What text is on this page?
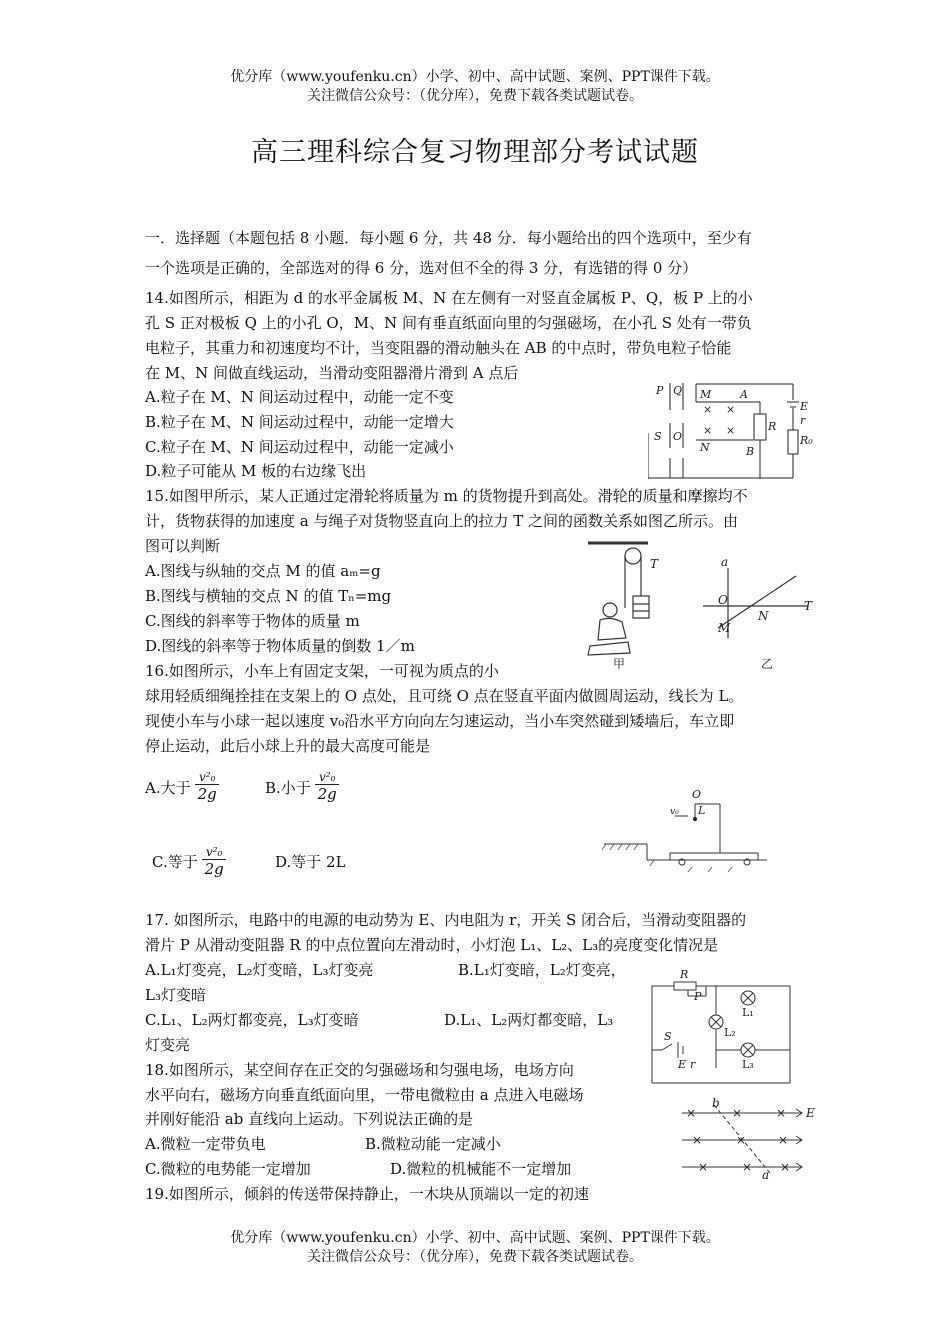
优分库（www.youfenku.cn）小学、初中、高中试题、案例、PPT课件下载。
关注微信公众号：（优分库），免费下载各类试题试卷。
高三理科综合复习物理部分考试试题
一．选择题（本题包括 8 小题．每小题 6 分，共 48 分．每小题给出的四个选项中，至少有
一个选项是正确的，全部选对的得 6 分，选对但不全的得 3 分，有选错的得 0 分）
14.如图所示，相距为 d 的水平金属板 M、N 在左侧有一对竖直金属板 P、Q，板 P 上的小
孔 S 正对极板 Q 上的小孔 O，M、N 间有垂直纸面向里的匀强磁场，在小孔 S 处有一带负
电粒子，其重力和初速度均不计，当变阻器的滑动触头在 AB 的中点时，带负电粒子恰能
在 M、N 间做直线运动，当滑动变阻器滑片滑到 A 点后
A.粒子在 M、N 间运动过程中，动能一定不变
B.粒子在 M、N 间运动过程中，动能一定增大
C.粒子在 M、N 间运动过程中，动能一定减小
D.粒子可能从 M 板的右边缘飞出
P Q M
N
A
B
R
E
r
R₀
S O
× ×
× ×
15.如图甲所示，某人正通过定滑轮将质量为 m 的货物提升到高处。滑轮的质量和摩擦均不
计，货物获得的加速度 a 与绳子对货物竖直向上的拉力 T 之间的函数关系如图乙所示。由
图可以判断
A.图线与纵轴的交点 M 的值 aₘ=g
B.图线与横轴的交点 N 的值 Tₙ=mg
C.图线的斜率等于物体的质量 m
D.图线的斜率等于物体质量的倒数 1／m
T	a
O
N
M
T
甲	乙
16.如图所示，小车上有固定支架，一可视为质点的小
球用轻质细绳拴挂在支架上的 O 点处，且可绕 O 点在竖直平面内做圆周运动，线长为 L。
现使小车与小球一起以速度 v₀沿水平方向向左匀速运动，当小车突然碰到矮墙后，车立即
停止运动，此后小球上升的最大高度可能是
A.大于
v²₀
2g	B.小于
v²₀
2g
C.等于
v²₀
2g	D.等于 2L
O
v₀ L
17. 如图所示，电路中的电源的电动势为 E、内电阻为 r，开关 S 闭合后，当滑动变阻器的
滑片 P 从滑动变阻器 R 的中点位置向左滑动时，小灯泡 L₁、L₂、L₃的亮度变化情况是
A.L₁灯变亮，L₂灯变暗，L₃灯变亮	B.L₁灯变暗，L₂灯变亮，
L₃灯变暗
C.L₁、L₂两灯都变亮，L₃灯变暗	D.L₁、L₂两灯都变暗，L₃
灯变亮
R
P
L₁
L₂
L₃
S
E r
18.如图所示，某空间存在正交的匀强磁场和匀强电场，电场方向
水平向右，磁场方向垂直纸面向里，一带电微粒由 a 点进入电磁场
并刚好能沿 ab 直线向上运动。下列说法正确的是
A.微粒一定带负电	B.微粒动能一定减小
C.微粒的电势能一定增加	D.微粒的机械能不一定增加
×	×	×
×	×	×
×	× ×
b
a
E
19.如图所示，倾斜的传送带保持静止，一木块从顶端以一定的初速
优分库（www.youfenku.cn）小学、初中、高中试题、案例、PPT课件下载。
关注微信公众号：（优分库），免费下载各类试题试卷。
